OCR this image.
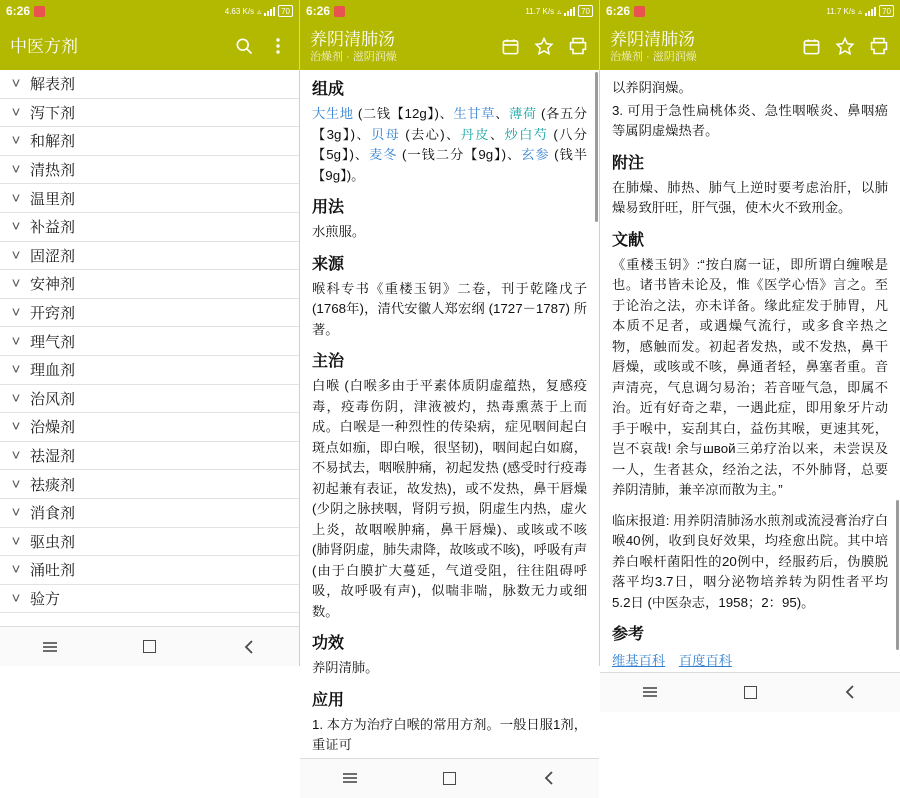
6:26	4.63 K/s ▵	70
中医方剂
˅ 解表剂
˅ 泻下剂
˅ 和解剂
˅ 清热剂
˅ 温里剂
˅ 补益剂
˅ 固涩剂
˅ 安神剂
˅ 开窍剂
˅ 理气剂
˅ 理血剂
˅ 治风剂
˅ 治燥剂
˅ 祛湿剂
˅ 祛痰剂
˅ 消食剂
˅ 驱虫剂
˅ 涌吐剂
˅ 验方
6:26	11.7 K/s ▵	70
养阴清肺汤
治燥剂 · 滋阴润燥
组成

大生地 (二钱【12g】)、生甘草、薄荷 (各五分【3g】)、贝母 (去心)、丹皮、炒白芍 (八分【5g】)、麦冬 (一钱二分【9g】)、玄参 (钱半【9g】)。

用法

水煎服。

来源

喉科专书《重楼玉钥》二卷，刊于乾隆戊子 (1768年)，清代安徽人郑宏纲 (1727－1787) 所著。

主治

白喉 (白喉多由于平素体质阴虚蕴热，复感疫毒，疫毒伤阴，津液被灼，热毒熏蒸于上而成。白喉是一种烈性的传染病，症见咽间起白斑点如痂，即白喉，很坚韧)，咽间起白如腐，不易拭去，咽喉肿痛，初起发热 (感受时行疫毒初起兼有表证，故发热)，或不发热，鼻干唇燥 (少阴之脉挟咽，肾阴亏损，阴虚生内热，虚火上炎，故咽喉肿痛，鼻干唇燥)、或咳或不咳 (肺肾阴虚，肺失肃降，故咳或不咳)，呼吸有声 (由于白膜扩大蔓延，气道受阻，往往阻碍呼吸，故呼吸有声)，似喘非喘，脉数无力或细数。

功效

养阴清肺。

应用

1. 本方为治疗白喉的常用方剂。一般日服1剂，重证可

6:26	11.7 K/s ▵	70
养阴清肺汤
治燥剂 · 滋阴润燥

以养阴润燥。

3. 可用于急性扁桃体炎、急性咽喉炎、鼻咽癌等属阴虚燥热者。

附注

在肺燥、肺热、肺气上逆时要考虑治肝，以肺燥易致肝旺，肝气强，使木火不致刑金。

文献

《重楼玉钥》:“按白腐一证，即所谓白缠喉是也。诸书皆未论及，惟《医学心悟》言之。至于论治之法，亦未详备。缘此症发于肺胃，凡本质不足者，或遇燥气流行，或多食辛热之物，感触而发。初起者发热，或不发热，鼻干唇燥，或咳或不咳，鼻通者轻，鼻塞者重。音声清亮，气息调匀易治；若音哑气急，即属不治。近有好奇之辈，一遇此症，即用象牙片动手于喉中，妄刮其白，益伤其喉，更速其死，岂不哀哉! 余与швой三弟疗治以来，未尝误及一人，生者甚众，经治之法，不外肺肾，总要养阴清肺，兼辛凉而散为主。”

临床报道: 用养阴清肺汤水煎剂或流浸膏治疗白喉40例，收到良好效果，均痊愈出院。其中培养白喉杆菌阳性的20例中，经服药后，伪膜脱落平均3.7日，咽分泌物培养转为阴性者平均5.2日 (中医杂志，1958；2：95)。

参考
维基百科 百度百科
